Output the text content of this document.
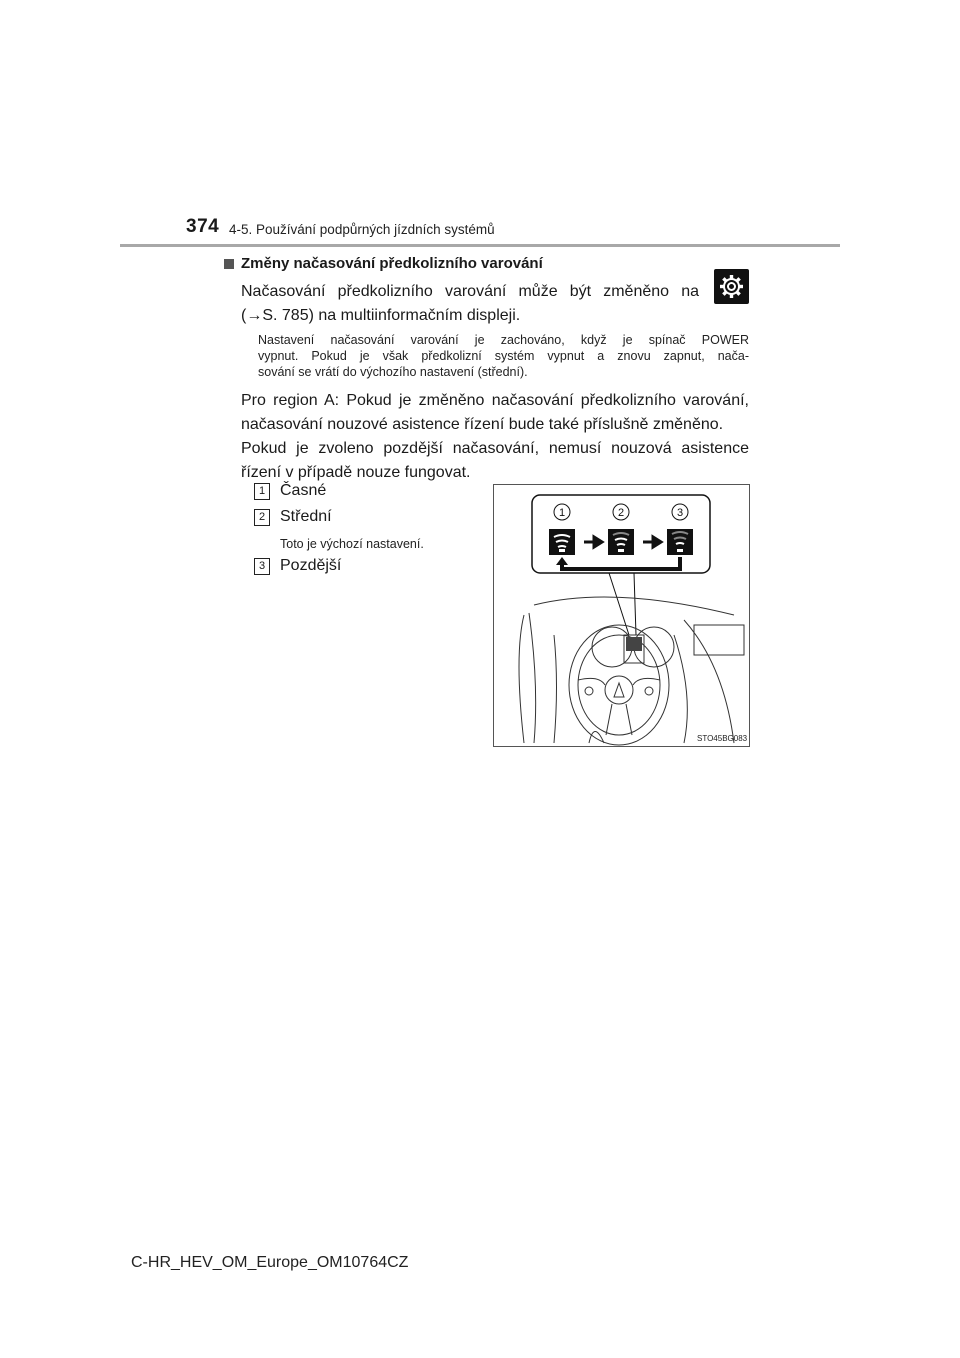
374 4-5. Používání podpůrných jízdních systémů
Změny načasování předkolizního varování
Načasování předkolizního varování může být změněno na
(→S. 785) na multiinformačním displeji.
Nastavení načasování varování je zachováno, když je spínač POWER
vypnut. Pokud je však předkolizní systém vypnut a znovu zapnut, nača-
sování se vrátí do výchozího nastavení (střední).
Pro region A: Pokud je změněno načasování předkolizního varování,
načasování nouzové asistence řízení bude také příslušně změněno.
Pokud je zvoleno pozdější načasování, nemusí nouzová asistence
řízení v případě nouze fungovat.
1 Časné
2 Střední
Toto je výchozí nastavení.
3 Pozdější
1	2	3
STO45BG083
C-HR_HEV_OM_Europe_OM10764CZ
